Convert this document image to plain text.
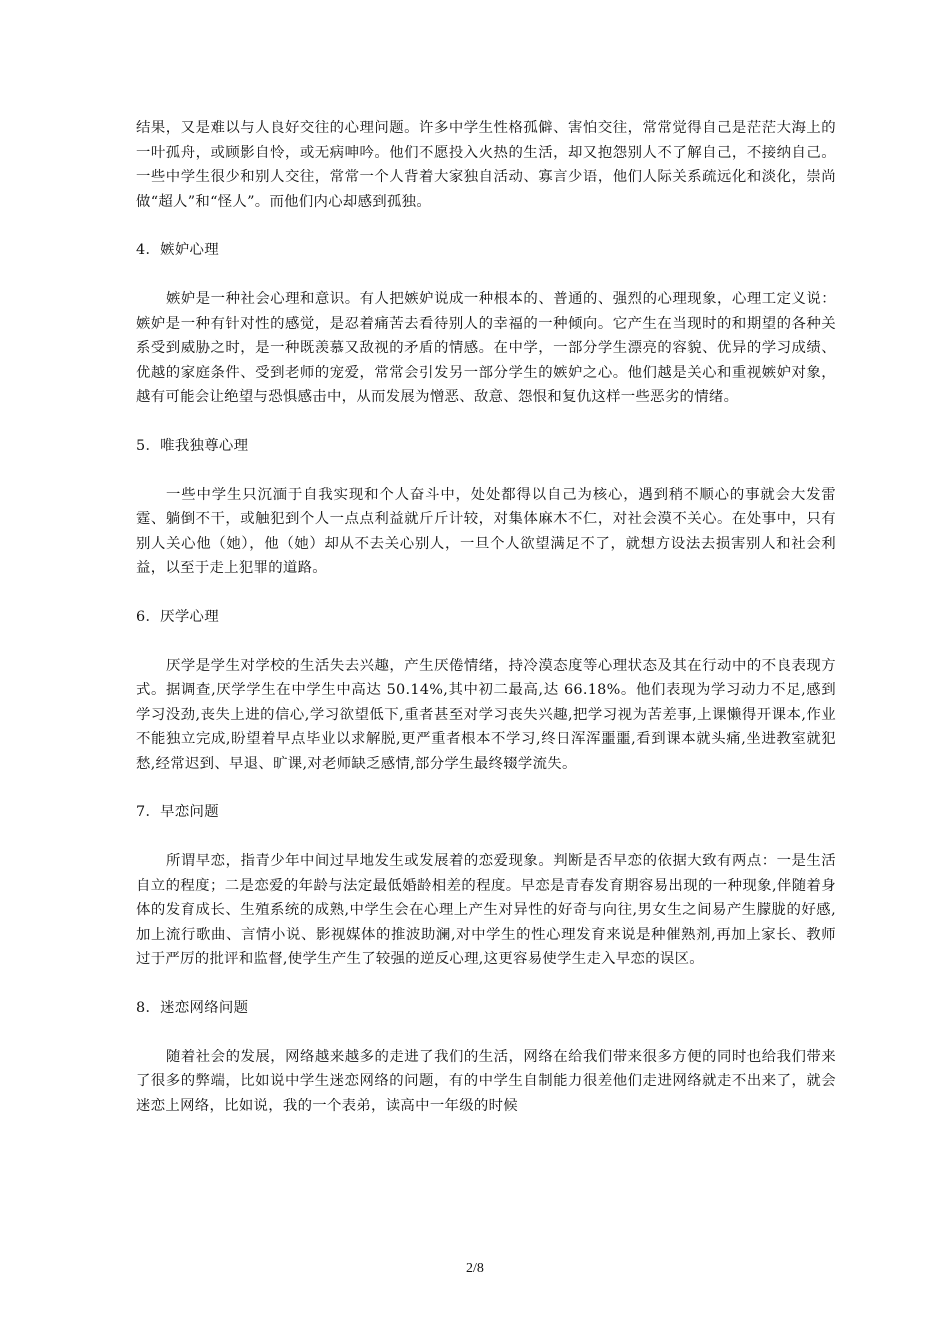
结果，又是难以与人良好交往的心理问题。许多中学生性格孤僻、害怕交往，常常觉得自己是茫茫大海上的一叶孤舟，或顾影自怜，或无病呻吟。他们不愿投入火热的生活，却又抱怨别人不了解自己，不接纳自己。一些中学生很少和别人交往，常常一个人背着大家独自活动、寡言少语，他们人际关系疏远化和淡化，崇尚做“超人”和“怪人”。而他们内心却感到孤独。

4．嫉妒心理

嫉妒是一种社会心理和意识。有人把嫉妒说成一种根本的、普通的、强烈的心理现象，心理工定义说：嫉妒是一种有针对性的感觉，是忍着痛苦去看待别人的幸福的一种倾向。它产生在当现时的和期望的各种关系受到威胁之时，是一种既羡慕又敌视的矛盾的情感。在中学，一部分学生漂亮的容貌、优异的学习成绩、优越的家庭条件、受到老师的宠爱，常常会引发另一部分学生的嫉妒之心。他们越是关心和重视嫉妒对象，越有可能会让绝望与恐惧感击中，从而发展为憎恶、敌意、怨恨和复仇这样一些恶劣的情绪。

5．唯我独尊心理

一些中学生只沉湎于自我实现和个人奋斗中，处处都得以自己为核心，遇到稍不顺心的事就会大发雷霆、躺倒不干，或触犯到个人一点点利益就斤斤计较，对集体麻木不仁，对社会漠不关心。在处事中，只有别人关心他（她），他（她）却从不去关心别人，一旦个人欲望满足不了，就想方设法去损害别人和社会利益，以至于走上犯罪的道路。

6．厌学心理

厌学是学生对学校的生活失去兴趣，产生厌倦情绪，持冷漠态度等心理状态及其在行动中的不良表现方式。据调查,厌学学生在中学生中高达 50.14%,其中初二最高,达 66.18%。他们表现为学习动力不足,感到学习没劲,丧失上进的信心,学习欲望低下,重者甚至对学习丧失兴趣,把学习视为苦差事,上课懒得开课本,作业不能独立完成,盼望着早点毕业以求解脱,更严重者根本不学习,终日浑浑噩噩,看到课本就头痛,坐进教室就犯愁,经常迟到、早退、旷课,对老师缺乏感情,部分学生最终辍学流失。

7．早恋问题

所谓早恋，指青少年中间过早地发生或发展着的恋爱现象。判断是否早恋的依据大致有两点：一是生活自立的程度；二是恋爱的年龄与法定最低婚龄相差的程度。早恋是青春发育期容易出现的一种现象,伴随着身体的发育成长、生殖系统的成熟,中学生会在心理上产生对异性的好奇与向往,男女生之间易产生朦胧的好感,加上流行歌曲、言情小说、影视媒体的推波助澜,对中学生的性心理发育来说是种催熟剂,再加上家长、教师过于严厉的批评和监督,使学生产生了较强的逆反心理,这更容易使学生走入早恋的误区。

8．迷恋网络问题

随着社会的发展，网络越来越多的走进了我们的生活，网络在给我们带来很多方便的同时也给我们带来了很多的弊端，比如说中学生迷恋网络的问题，有的中学生自制能力很差他们走进网络就走不出来了，就会迷恋上网络，比如说，我的一个表弟，读高中一年级的时候

2/8
